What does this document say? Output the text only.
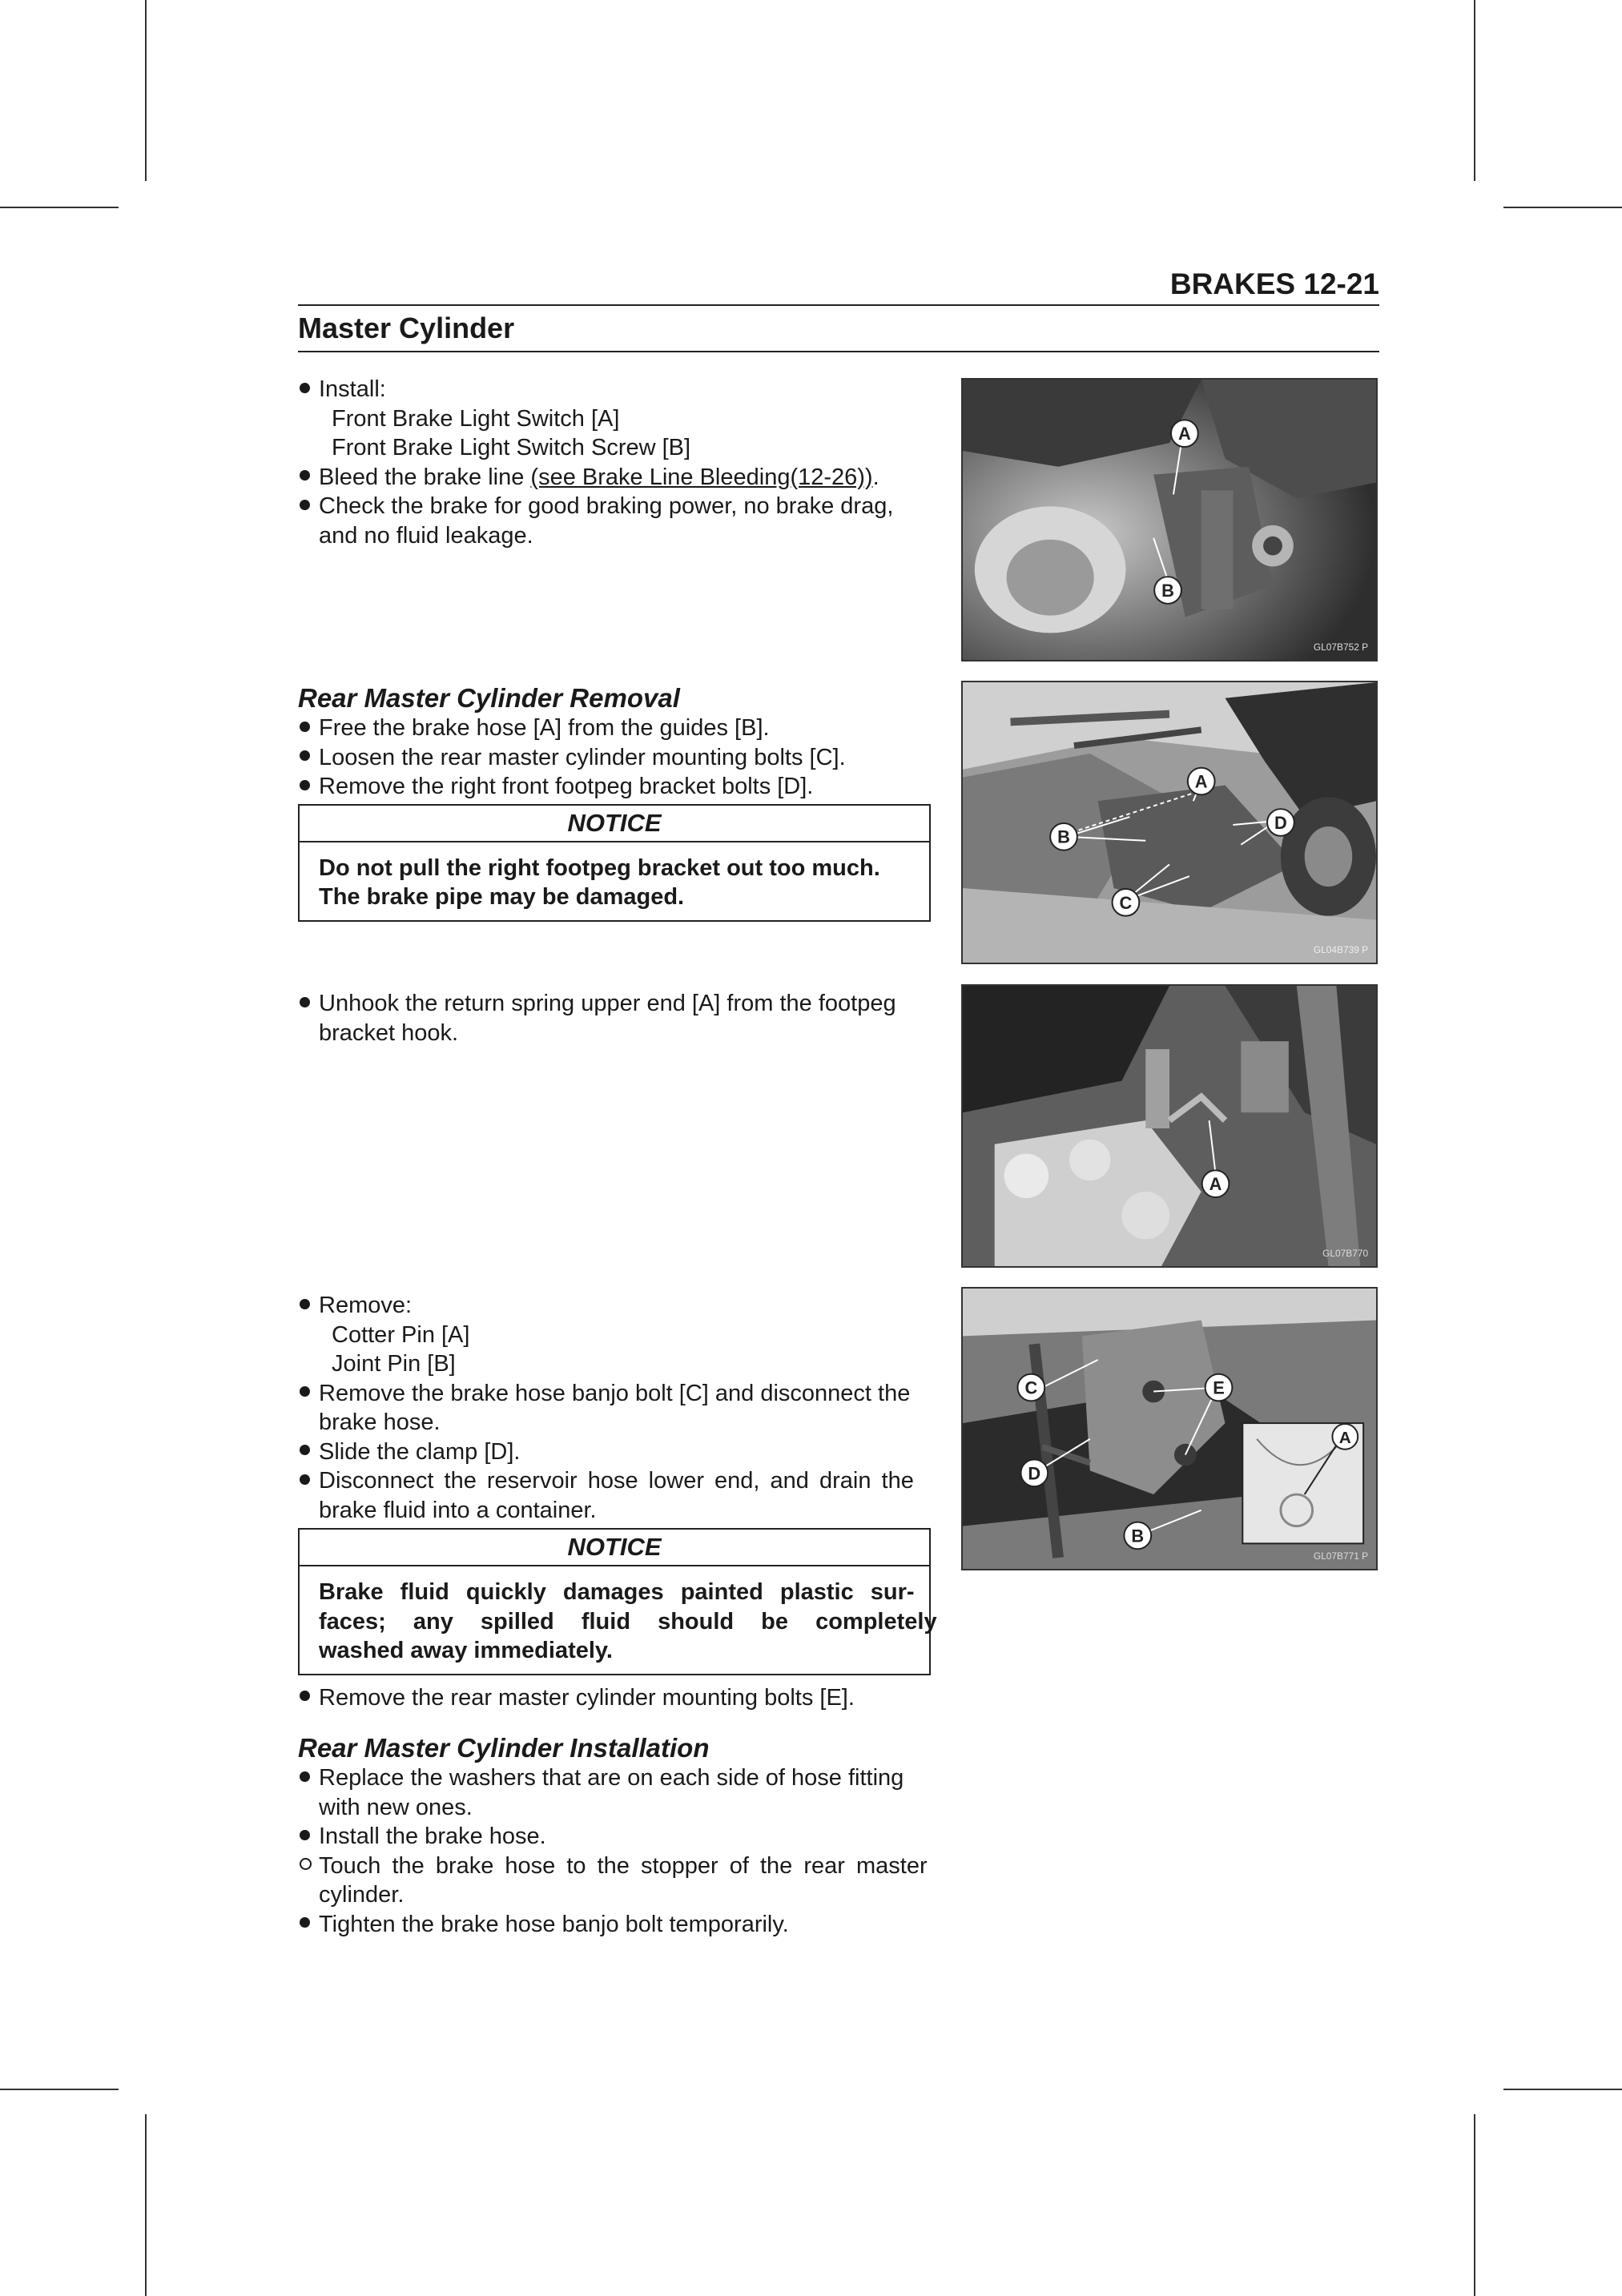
BRAKES 12-21
Master Cylinder
Install:
Front Brake Light Switch [A]
Front Brake Light Switch Screw [B]
Bleed the brake line (see Brake Line Bleeding(12-26)).
Check the brake for good braking power, no brake drag,
and no fluid leakage.
Rear Master Cylinder Removal
Free the brake hose [A] from the guides [B].
Loosen the rear master cylinder mounting bolts [C].
Remove the right front footpeg bracket bolts [D].
NOTICE
Do not pull the right footpeg bracket out too much.
The brake pipe may be damaged.
Unhook the return spring upper end [A] from the footpeg
bracket hook.
Remove:
Cotter Pin [A]
Joint Pin [B]
Remove the brake hose banjo bolt [C] and disconnect the
brake hose.
Slide the clamp [D].
Disconnect the reservoir hose lower end, and drain the
brake fluid into a container.
NOTICE
Brake fluid quickly damages painted plastic sur-
faces; any spilled fluid should be completely
washed away immediately.
Remove the rear master cylinder mounting bolts [E].
Rear Master Cylinder Installation
Replace the washers that are on each side of hose fitting
with new ones.
Install the brake hose.
Touch the brake hose to the stopper of the rear master
cylinder.
Tighten the brake hose banjo bolt temporarily.
A
B
GL07B752 P
A
B
C
D
GL04B739 P
A
GL07B770
A
B
C
D
E
GL07B771 P
